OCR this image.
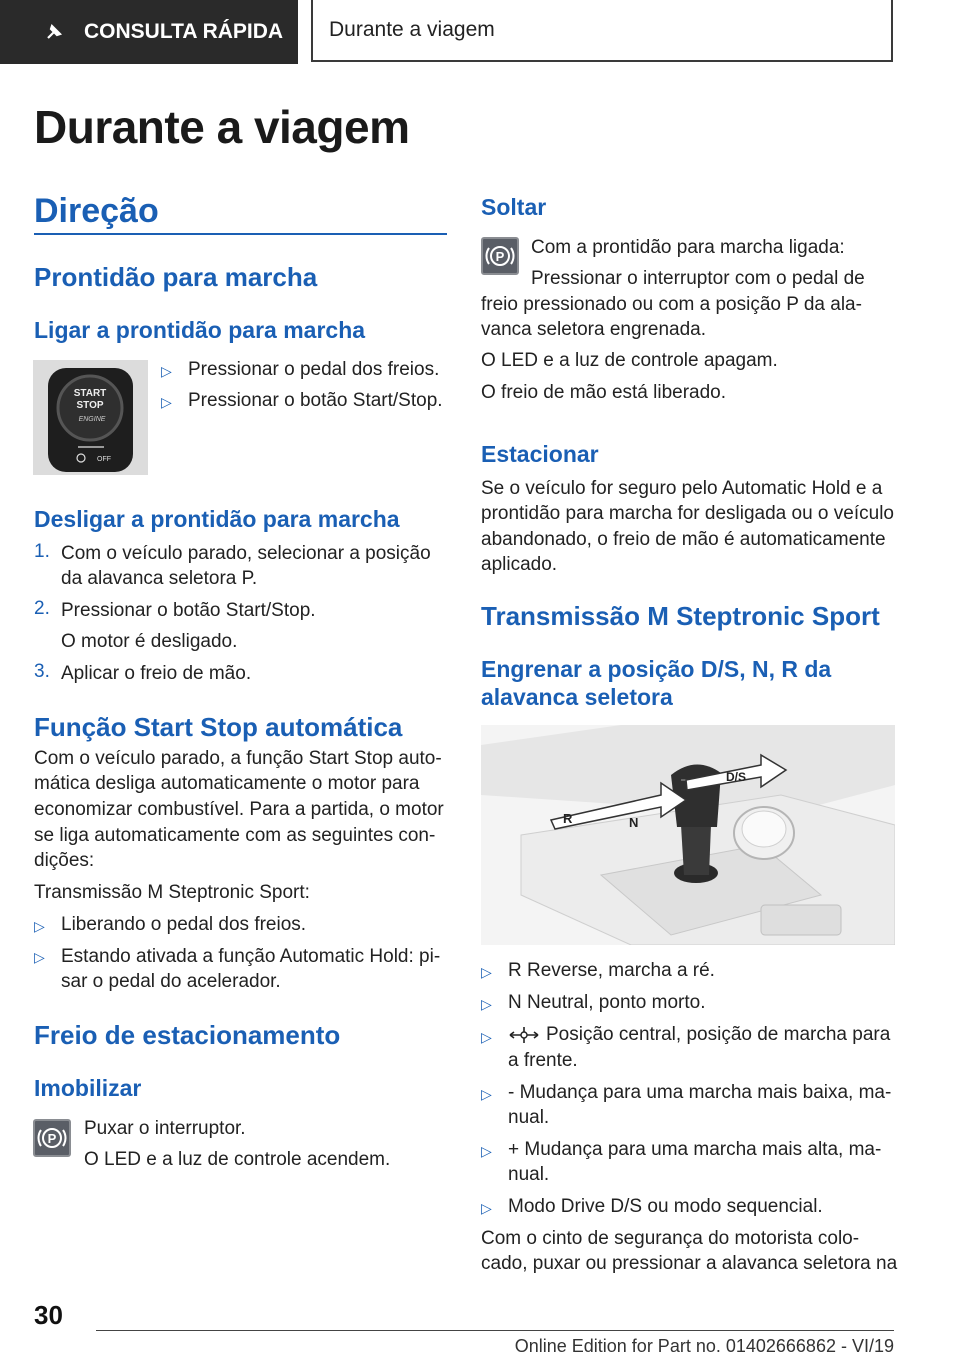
CONSULTA RÁPIDA Durante a viagem
Durante a viagem
Direção
Prontidão para marcha
Ligar a prontidão para marcha
START
STOP
ENGINE
OFF
▷ Pressionar o pedal dos freios.
▷ Pressionar o botão Start/Stop.
Desligar a prontidão para marcha
1. Com o veículo parado, selecionar a posição
da alavanca seletora P.
2. Pressionar o botão Start/Stop.
O motor é desligado.
3. Aplicar o freio de mão.
Função Start Stop automática
Com o veículo parado, a função Start Stop auto-
mática desliga automaticamente o motor para
economizar combustível. Para a partida, o motor
se liga automaticamente com as seguintes con-
dições:
Transmissão M Steptronic Sport:
▷ Liberando o pedal dos freios.
▷ Estando ativada a função Automatic Hold: pi-
sar o pedal do acelerador.
Freio de estacionamento
Imobilizar
P Puxar o interruptor.
O LED e a luz de controle acendem.
Soltar
P Com a prontidão para marcha ligada:
Pressionar o interruptor com o pedal de
freio pressionado ou com a posição P da ala-
vanca seletora engrenada.
O LED e a luz de controle apagam.
O freio de mão está liberado.
Estacionar
Se o veículo for seguro pelo Automatic Hold e a
prontidão para marcha for desligada ou o veículo
abandonado, o freio de mão é automaticamente
aplicado.
Transmissão M Steptronic Sport
Engrenar a posição D/S, N, R da
alavanca seletora
R	N
D/S
▷ R Reverse, marcha a ré.
▷ N Neutral, ponto morto.
▷	Posição central, posição de marcha para
a frente.
▷ - Mudança para uma marcha mais baixa, ma-
nual.
▷ + Mudança para uma marcha mais alta, ma-
nual.
▷ Modo Drive D/S ou modo sequencial.
Com o cinto de segurança do motorista colo-
cado, puxar ou pressionar a alavanca seletora na
30
Online Edition for Part no. 01402666862 - VI/19
